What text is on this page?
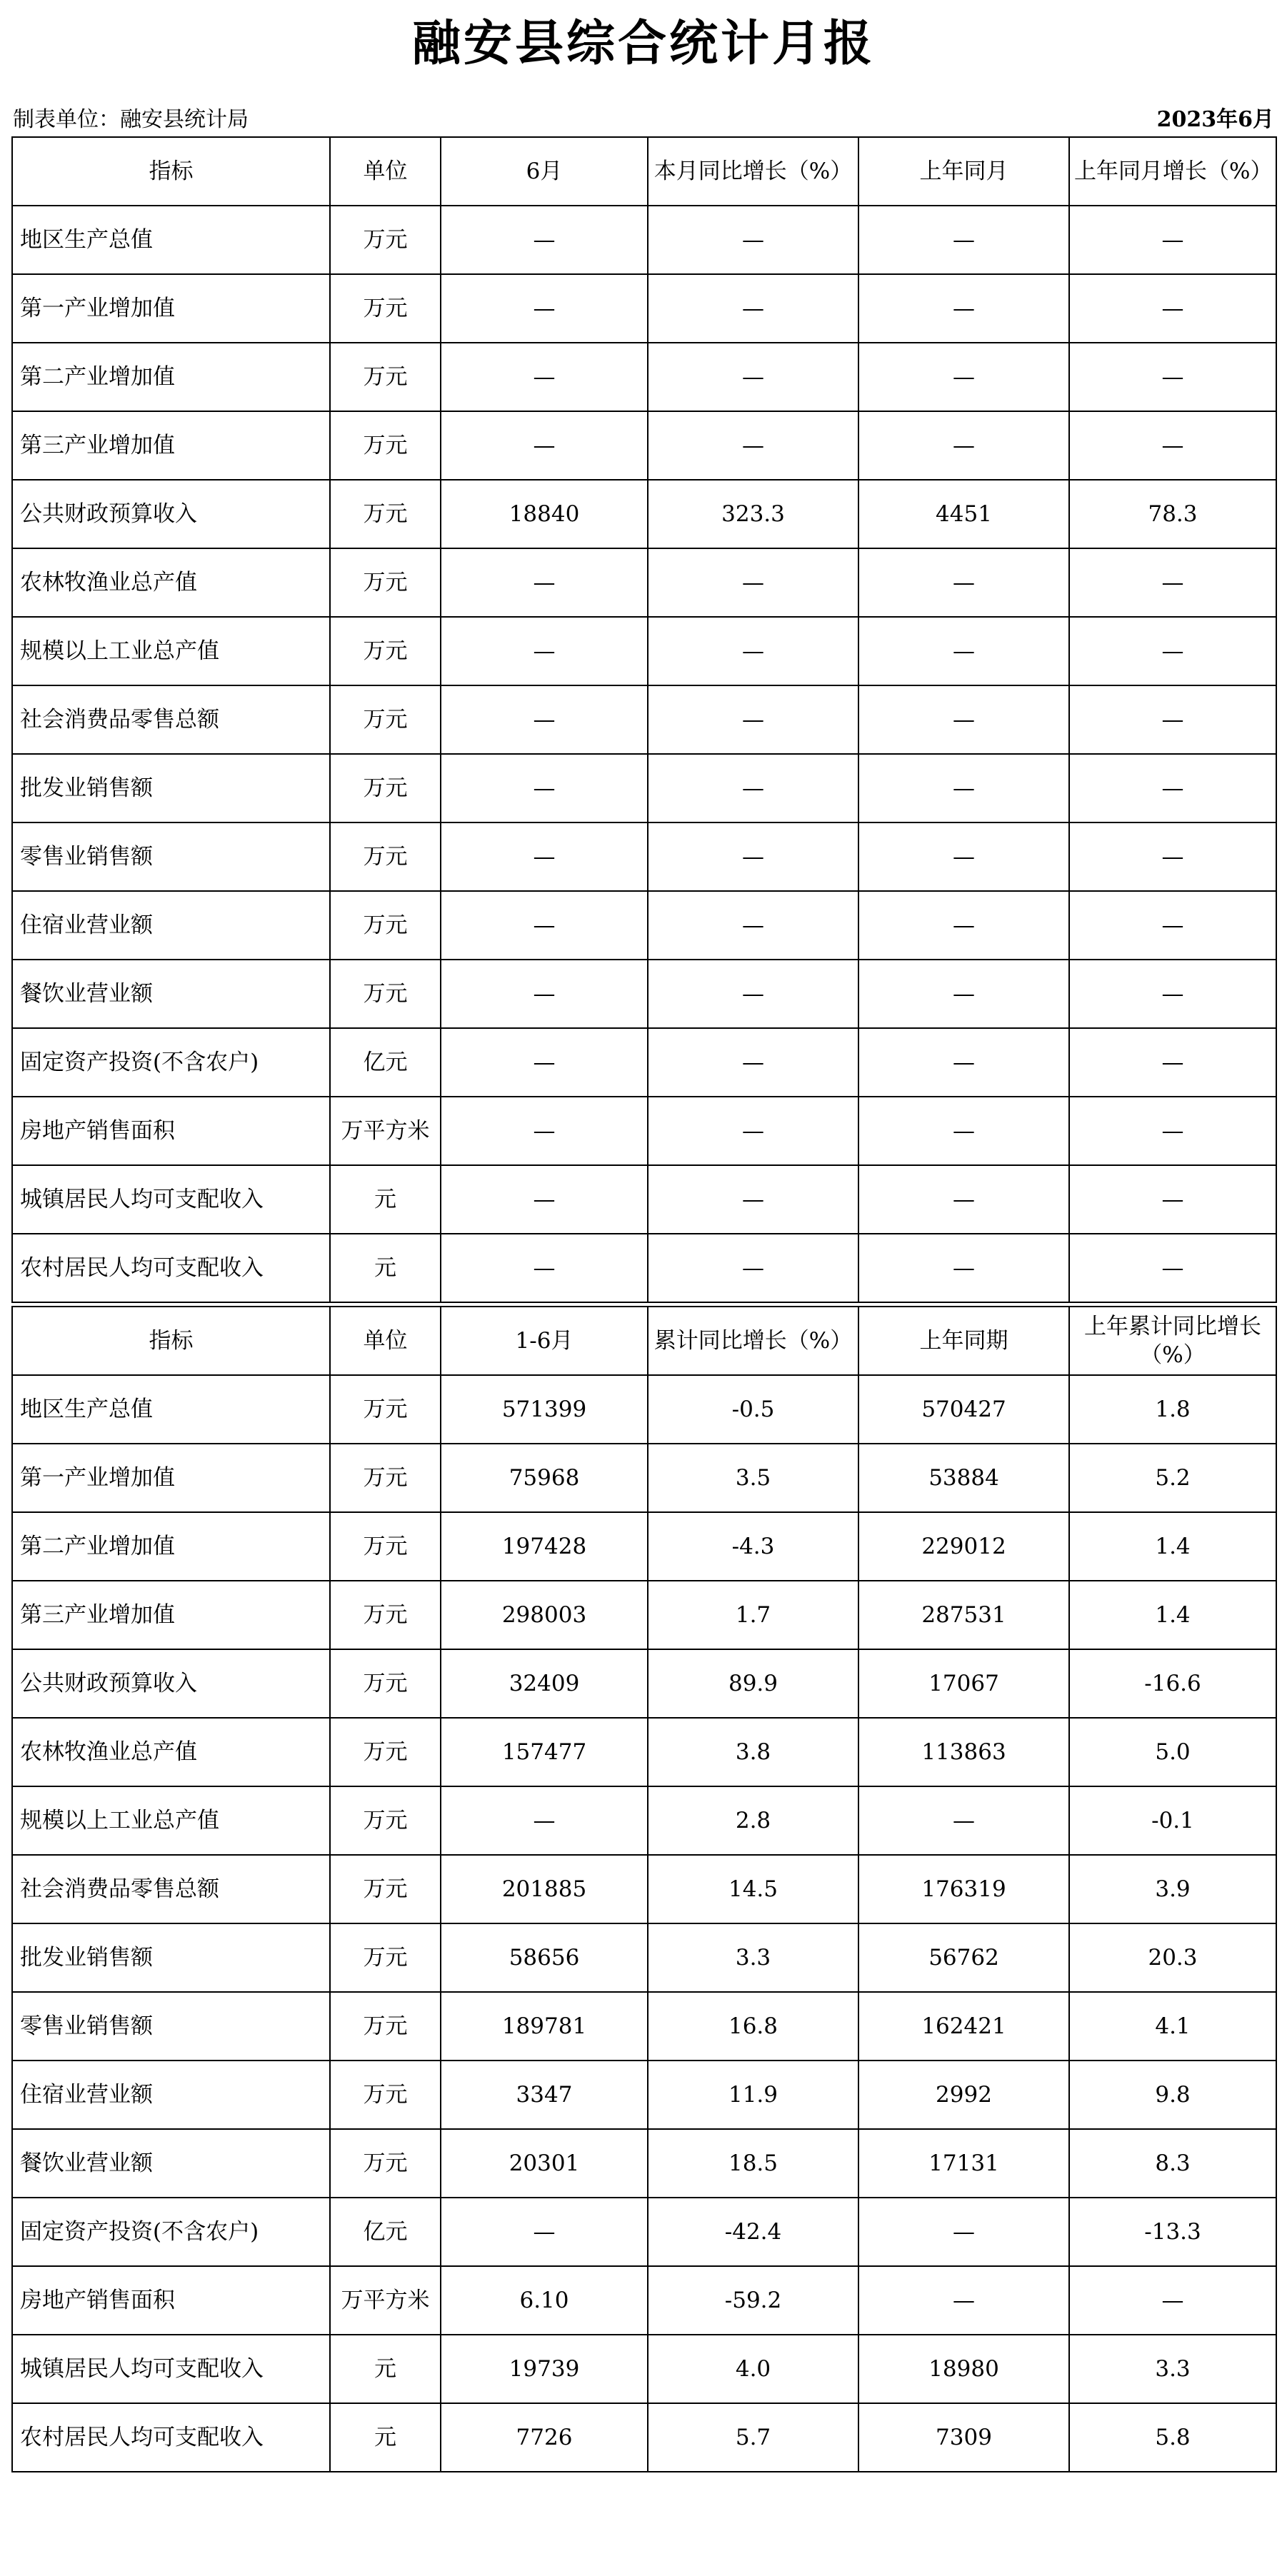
融安县综合统计月报
制表单位：融安县统计局	2023年6月
指标	单位	6月	本月同比增长（%）	上年同月	上年同月增长（%）
地区生产总值	万元	—	—	—	—
第一产业增加值	万元	—	—	—	—
第二产业增加值	万元	—	—	—	—
第三产业增加值	万元	—	—	—	—
公共财政预算收入	万元	18840	323.3	4451	78.3
农林牧渔业总产值	万元	—	—	—	—
规模以上工业总产值	万元	—	—	—	—
社会消费品零售总额	万元	—	—	—	—
批发业销售额	万元	—	—	—	—
零售业销售额	万元	—	—	—	—
住宿业营业额	万元	—	—	—	—
餐饮业营业额	万元	—	—	—	—
固定资产投资(不含农户)	亿元	—	—	—	—
房地产销售面积	万平方米	—	—	—	—
城镇居民人均可支配收入	元	—	—	—	—
农村居民人均可支配收入	元	—	—	—	—

指标	单位	1-6月	累计同比增长（%）	上年同期	上年累计同比增长（%）
地区生产总值	万元	571399	-0.5	570427	1.8
第一产业增加值	万元	75968	3.5	53884	5.2
第二产业增加值	万元	197428	-4.3	229012	1.4
第三产业增加值	万元	298003	1.7	287531	1.4
公共财政预算收入	万元	32409	89.9	17067	-16.6
农林牧渔业总产值	万元	157477	3.8	113863	5.0
规模以上工业总产值	万元	—	2.8	—	-0.1
社会消费品零售总额	万元	201885	14.5	176319	3.9
批发业销售额	万元	58656	3.3	56762	20.3
零售业销售额	万元	189781	16.8	162421	4.1
住宿业营业额	万元	3347	11.9	2992	9.8
餐饮业营业额	万元	20301	18.5	17131	8.3
固定资产投资(不含农户)	亿元	—	-42.4	—	-13.3
房地产销售面积	万平方米	6.10	-59.2	—	—
城镇居民人均可支配收入	元	19739	4.0	18980	3.3
农村居民人均可支配收入	元	7726	5.7	7309	5.8
